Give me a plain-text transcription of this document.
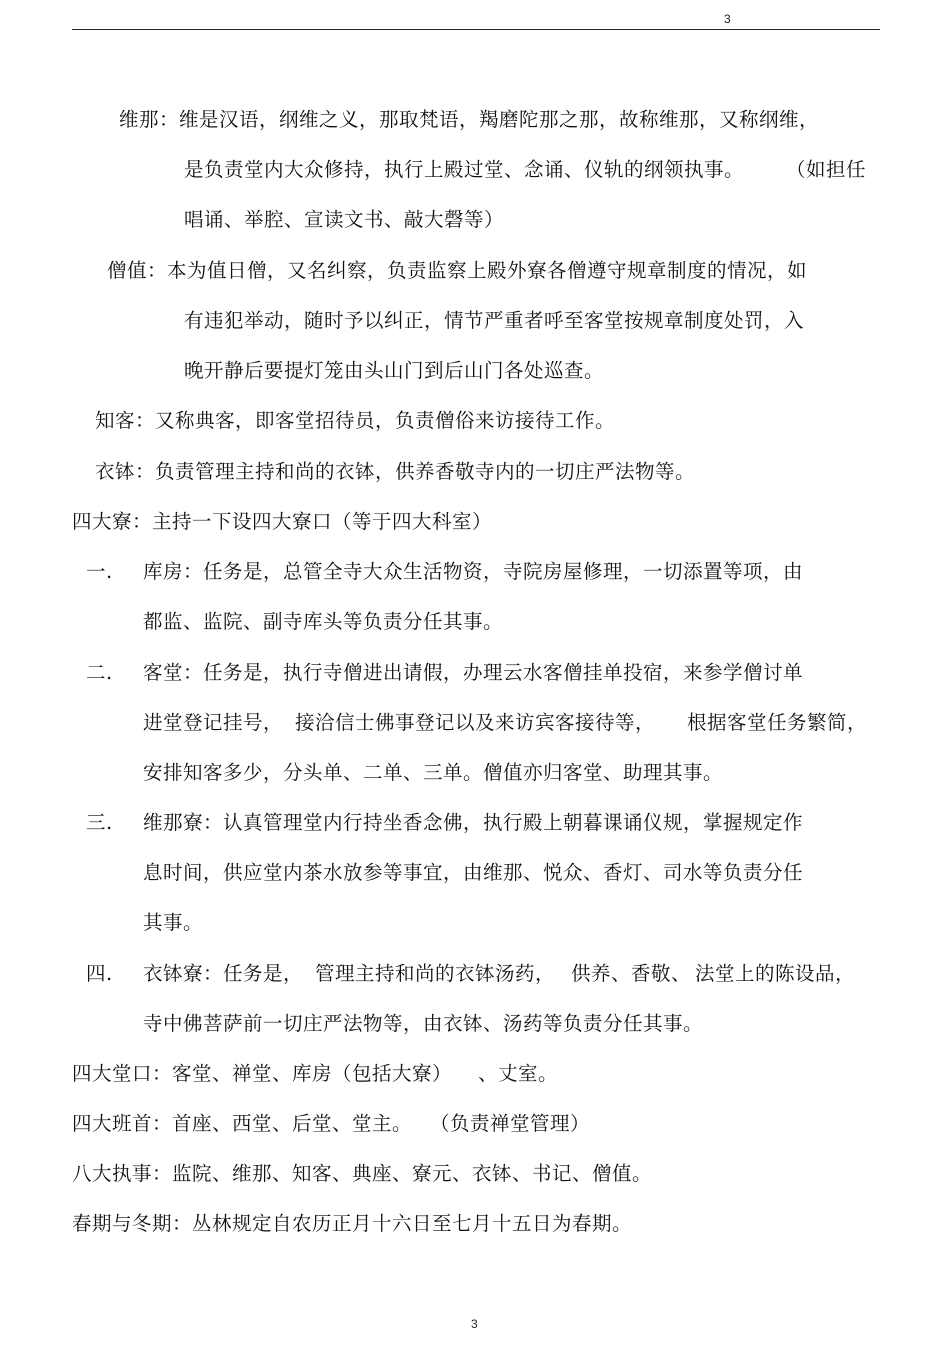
3
维那：维是汉语，纲维之义，那取梵语，羯磨陀那之那，故称维那，又称纲维，
是负责堂内大众修持，执行上殿过堂、念诵、仪轨的纲领执事。 （如担任
唱诵、举腔、宣读文书、敲大磬等）
僧值：本为值日僧，又名纠察，负责监察上殿外寮各僧遵守规章制度的情况，如
有违犯举动，随时予以纠正，情节严重者呼至客堂按规章制度处罚，入
晚开静后要提灯笼由头山门到后山门各处巡查。
知客：又称典客，即客堂招待员，负责僧俗来访接待工作。
衣钵：负责管理主持和尚的衣钵，供养香敬寺内的一切庄严法物等。
四大寮：主持一下设四大寮口（等于四大科室）
一. 库房：任务是，总管全寺大众生活物资，寺院房屋修理，一切添置等项，由
都监、监院、副寺库头等负责分任其事。
二. 客堂：任务是，执行寺僧进出请假，办理云水客僧挂单投宿，来参学僧讨单
进堂登记挂号， 接洽信士佛事登记以及来访宾客接待等， 根据客堂任务繁简，
安排知客多少，分头单、二单、三单。僧值亦归客堂、助理其事。
三. 维那寮：认真管理堂内行持坐香念佛，执行殿上朝暮课诵仪规，掌握规定作
息时间，供应堂内茶水放参等事宜，由维那、悦众、香灯、司水等负责分任
其事。
四. 衣钵寮：任务是， 管理主持和尚的衣钵汤药， 供养、香敬、 法堂上的陈设品，
寺中佛菩萨前一切庄严法物等，由衣钵、汤药等负责分任其事。
四大堂口：客堂、禅堂、库房（包括大寮） 、丈室。
四大班首：首座、西堂、后堂、堂主。 （负责禅堂管理）
八大执事：监院、维那、知客、典座、寮元、衣钵、书记、僧值。
春期与冬期：丛林规定自农历正月十六日至七月十五日为春期。
3
